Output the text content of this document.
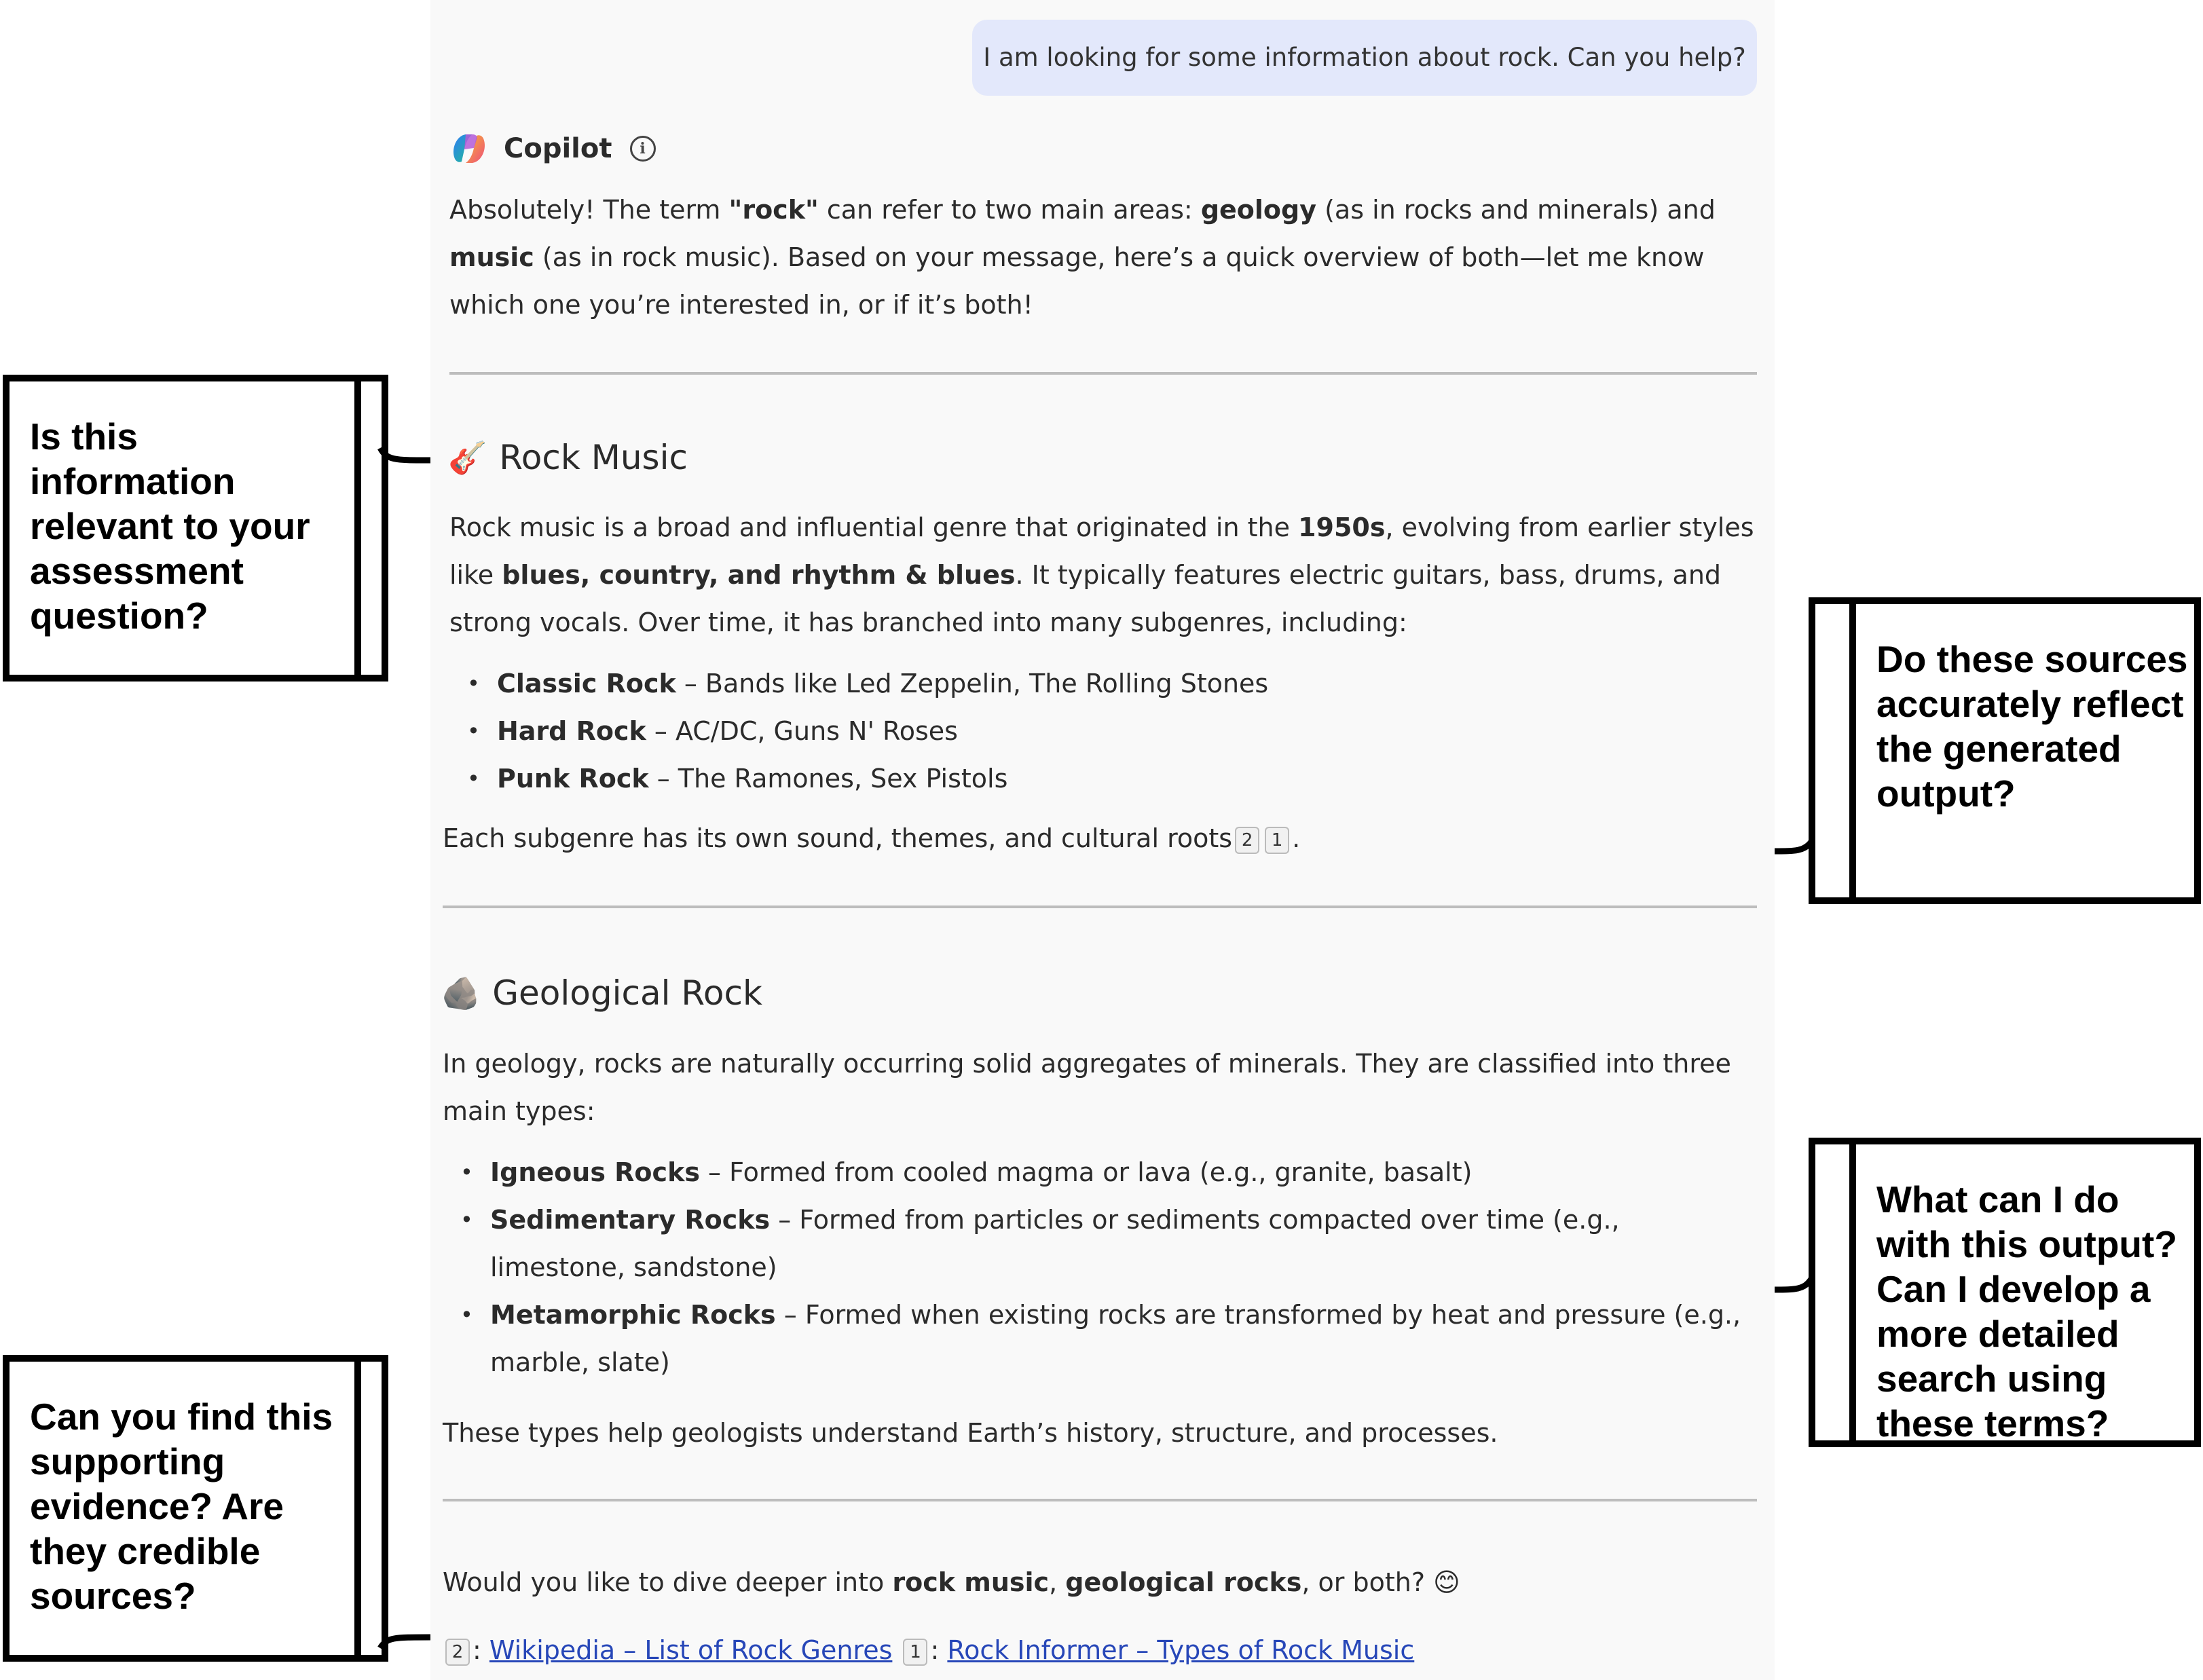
I am looking for some information about rock. Can you help?
Copilot	i
Absolutely! The term "rock" can refer to two main areas: geology (as in rocks and minerals) and music (as in rock music). Based on your message, here’s a quick overview of both—let me know which one you’re interested in, or if it’s both!
🎸 Rock Music
Rock music is a broad and influential genre that originated in the 1950s, evolving from earlier styles like blues, country, and rhythm & blues. It typically features electric guitars, bass, drums, and strong vocals. Over time, it has branched into many subgenres, including:
• Classic Rock – Bands like Led Zeppelin, The Rolling Stones
• Hard Rock – AC/DC, Guns N' Roses
• Punk Rock – The Ramones, Sex Pistols
Each subgenre has its own sound, themes, and cultural roots 2 1 .
🪨 Geological Rock
In geology, rocks are naturally occurring solid aggregates of minerals. They are classified into three main types:
• Igneous Rocks – Formed from cooled magma or lava (e.g., granite, basalt)
• Sedimentary Rocks – Formed from particles or sediments compacted over time (e.g., limestone, sandstone)
• Metamorphic Rocks – Formed when existing rocks are transformed by heat and pressure (e.g., marble, slate)
These types help geologists understand Earth’s history, structure, and processes.
Would you like to dive deeper into rock music, geological rocks, or both? 😊
2 : Wikipedia – List of Rock Genres 1 : Rock Informer – Types of Rock Music
Is this information relevant to your assessment question?
Do these sources accurately reflect the generated output?
What can I do with this output? Can I develop a more detailed search using these terms?
Can you find this supporting evidence? Are they credible sources?
